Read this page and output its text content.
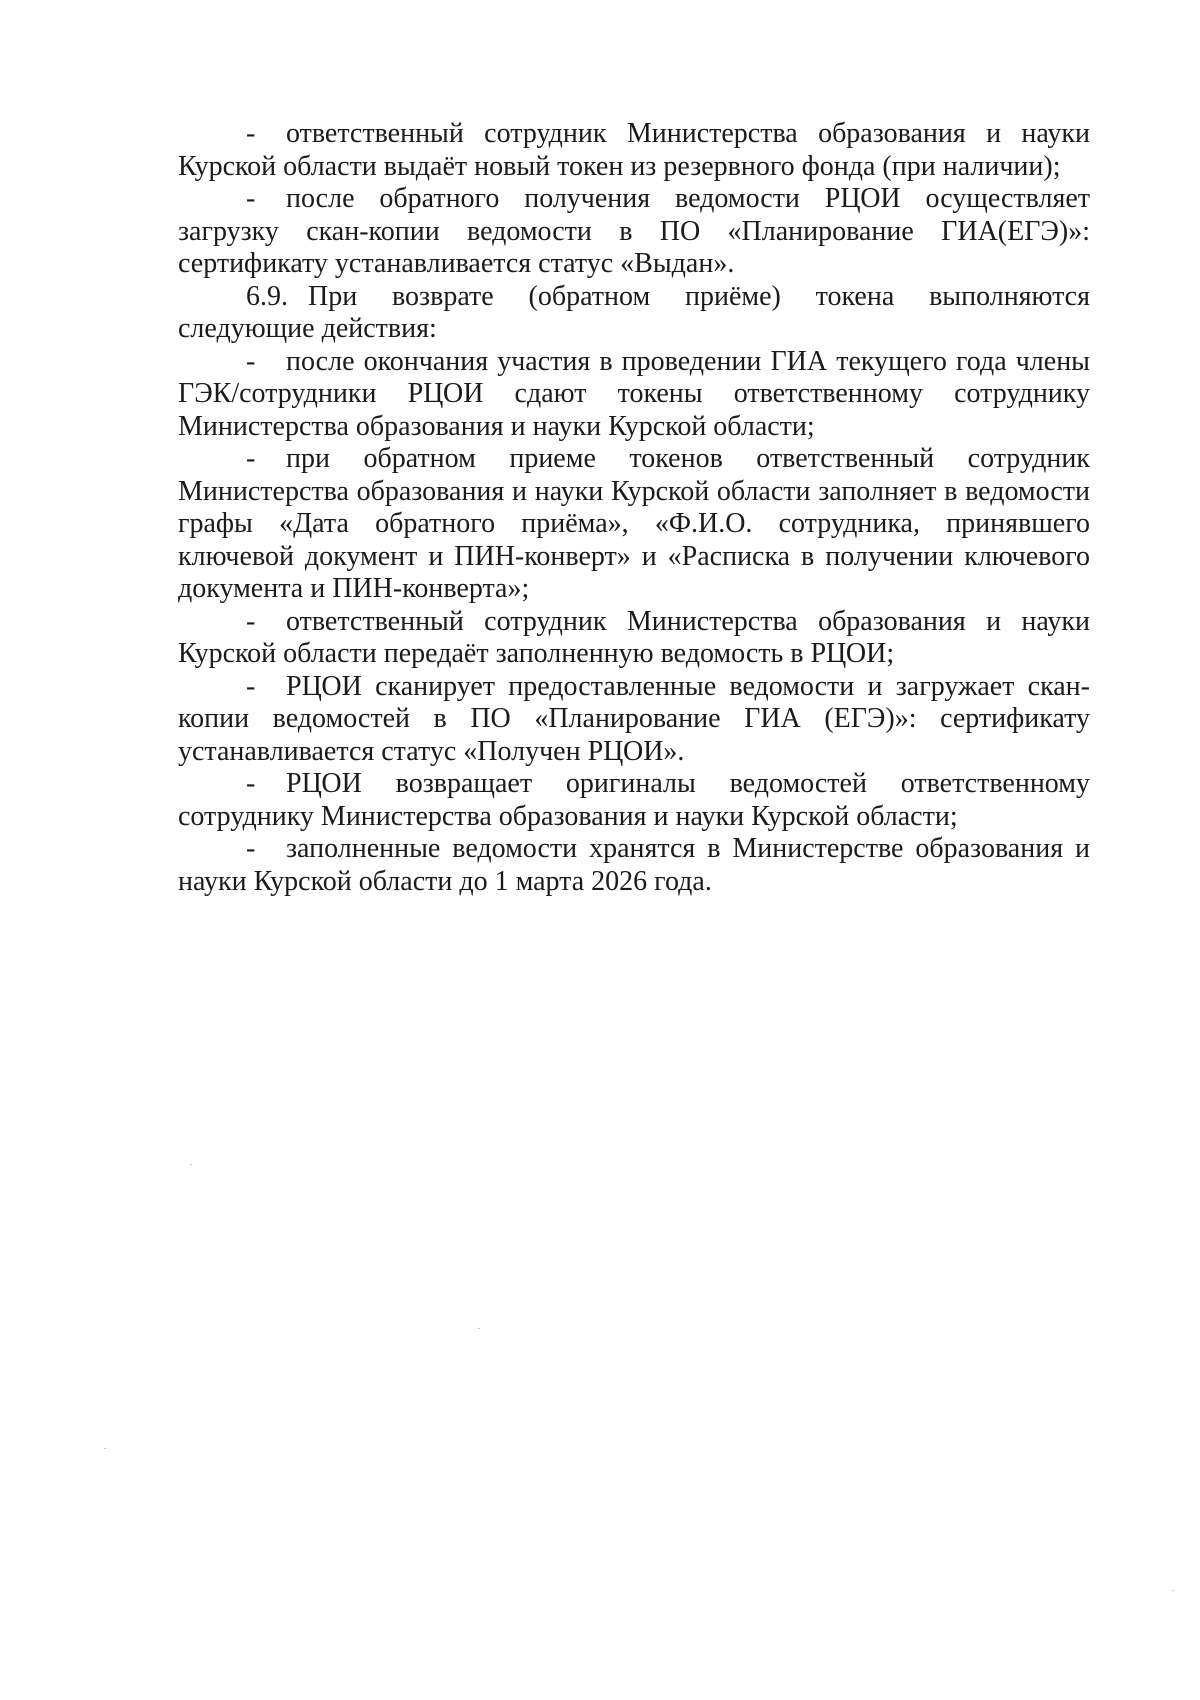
- ответственный сотрудник Министерства образования и науки Курской области выдаёт новый токен из резервного фонда (при наличии);

- после обратного получения ведомости РЦОИ осуществляет загрузку скан-копии ведомости в ПО «Планирование ГИА(ЕГЭ)»: сертификату устанавливается статус «Выдан».

6.9. При возврате (обратном приёме) токена выполняются следующие действия:

- после окончания участия в проведении ГИА текущего года члены ГЭК/сотрудники РЦОИ сдают токены ответственному сотруднику Министерства образования и науки Курской области;

- при обратном приеме токенов ответственный сотрудник Министерства образования и науки Курской области заполняет в ведомости графы «Дата обратного приёма», «Ф.И.О. сотрудника, принявшего ключевой документ и ПИН-конверт» и «Расписка в получении ключевого документа и ПИН-конверта»;

- ответственный сотрудник Министерства образования и науки Курской области передаёт заполненную ведомость в РЦОИ;

- РЦОИ сканирует предоставленные ведомости и загружает скан-копии ведомостей в ПО «Планирование ГИА (ЕГЭ)»: сертификату устанавливается статус «Получен РЦОИ».

- РЦОИ возвращает оригиналы ведомостей ответственному сотруднику Министерства образования и науки Курской области;

- заполненные ведомости хранятся в Министерстве образования и науки Курской области до 1 марта 2026 года.
